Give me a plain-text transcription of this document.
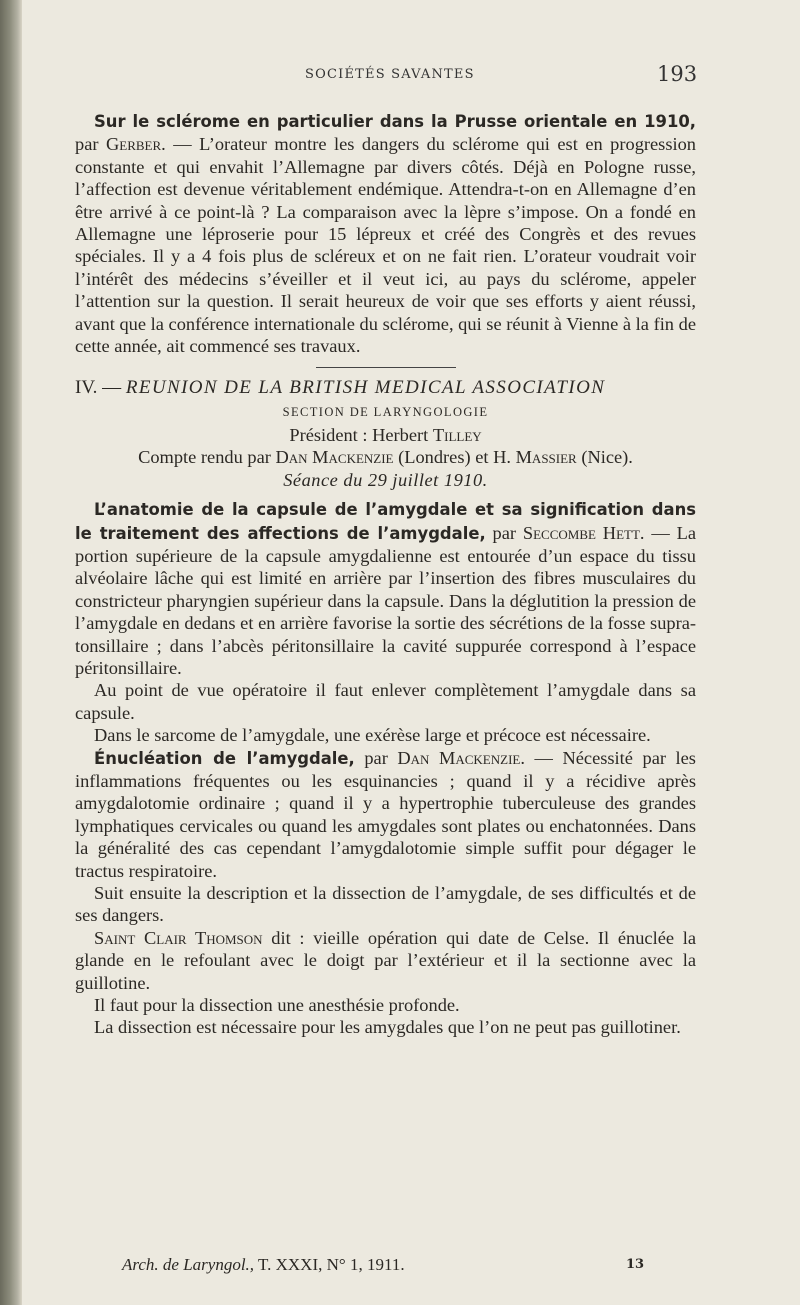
SOCIÉTÉS SAVANTES	193

Sur le sclérome en particulier dans la Prusse orientale en 1910, par Gerber. — L’orateur montre les dangers du sclérome qui est en progression constante et qui envahit l’Allemagne par divers côtés. Déjà en Pologne russe, l’affection est devenue véritablement endémique. Attendra-t-on en Allemagne d’en être arrivé à ce point-là ? La comparaison avec la lèpre s’impose. On a fondé en Allemagne une léproserie pour 15 lépreux et créé des Congrès et des revues spéciales. Il y a 4 fois plus de scléreux et on ne fait rien. L’orateur voudrait voir l’intérêt des médecins s’éveiller et il veut ici, au pays du sclérome, appeler l’attention sur la question. Il serait heureux de voir que ses efforts y aient réussi, avant que la conférence internationale du sclérome, qui se réunit à Vienne à la fin de cette année, ait commencé ses travaux.

IV. — REUNION DE LA BRITISH MEDICAL ASSOCIATION

SECTION DE LARYNGOLOGIE

Président : Herbert Tilley

Compte rendu par Dan Mackenzie (Londres) et H. Massier (Nice).

Séance du 29 juillet 1910.

L’anatomie de la capsule de l’amygdale et sa signification dans le traitement des affections de l’amygdale, par Seccombe Hett. — La portion supérieure de la capsule amygdalienne est entourée d’un espace du tissu alvéolaire lâche qui est limité en arrière par l’insertion des fibres musculaires du constricteur pharyngien supérieur dans la capsule. Dans la déglutition la pression de l’amygdale en dedans et en arrière favorise la sortie des sécrétions de la fosse supra-tonsillaire ; dans l’abcès péritonsillaire la cavité suppurée correspond à l’espace péritonsillaire.

Au point de vue opératoire il faut enlever complètement l’amygdale dans sa capsule.

Dans le sarcome de l’amygdale, une exérèse large et précoce est nécessaire.

Énucléation de l’amygdale, par Dan Mackenzie. — Nécessité par les inflammations fréquentes ou les esquinancies ; quand il y a récidive après amygdalotomie ordinaire ; quand il y a hypertrophie tuberculeuse des grandes lymphatiques cervicales ou quand les amygdales sont plates ou enchatonnées. Dans la généralité des cas cependant l’amygdalotomie simple suffit pour dégager le tractus respiratoire.

Suit ensuite la description et la dissection de l’amygdale, de ses difficultés et de ses dangers.

Saint Clair Thomson dit : vieille opération qui date de Celse. Il énuclée la glande en le refoulant avec le doigt par l’extérieur et il la sectionne avec la guillotine.

Il faut pour la dissection une anesthésie profonde.

La dissection est nécessaire pour les amygdales que l’on ne peut pas guillotiner.

Arch. de Laryngol., T. XXXI, N° 1, 1911.	13
